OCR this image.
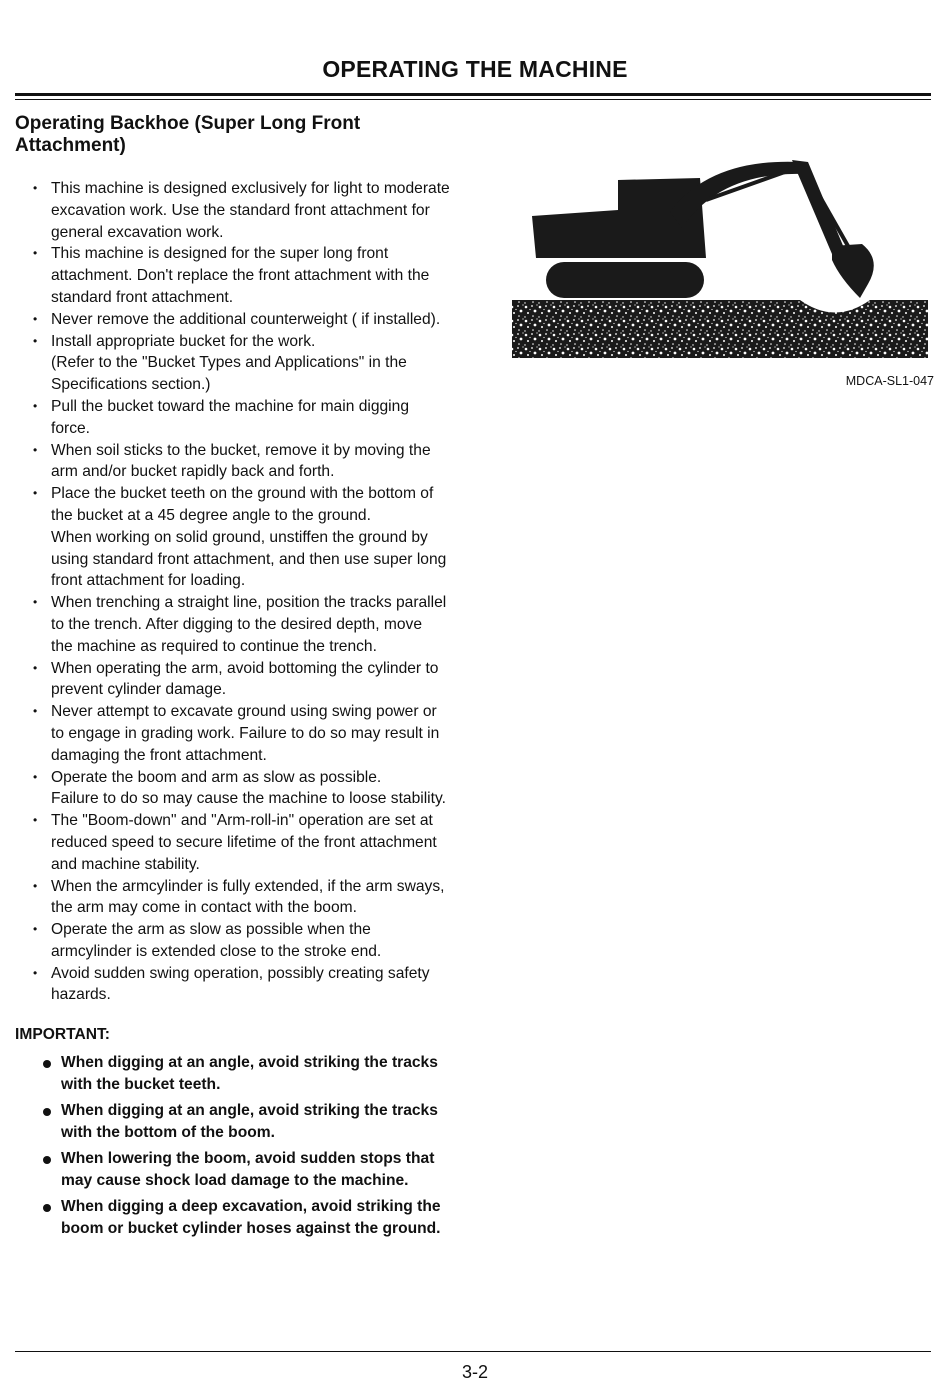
OPERATING THE MACHINE
Operating Backhoe (Super Long Front Attachment)
• This machine is designed exclusively for light to moderate
excavation work. Use the standard front attachment for
general excavation work.
• This machine is designed for the super long front
attachment. Don't replace the front attachment with the
standard front attachment.
• Never remove the additional counterweight ( if installed).
• Install appropriate bucket for the work.
(Refer to the "Bucket Types and Applications" in the
Specifications section.)
• Pull the bucket toward the machine for main digging
force.
• When soil sticks to the bucket, remove it by moving the
arm and/or bucket rapidly back and forth.
• Place the bucket teeth on the ground with the bottom of
the bucket at a 45 degree angle to the ground.
When working on solid ground, unstiffen the ground by
using standard front attachment, and then use super long
front attachment for loading.
• When trenching a straight line, position the tracks parallel
to the trench. After digging to the desired depth, move
the machine as required to continue the trench.
• When operating the arm, avoid bottoming the cylinder to
prevent cylinder damage.
• Never attempt to excavate ground using swing power or
to engage in grading work. Failure to do so may result in
damaging the front attachment.
• Operate the boom and arm as slow as possible.
Failure to do so may cause the machine to loose stability.
• The "Boom-down" and "Arm-roll-in" operation are set at
reduced speed to secure lifetime of the front attachment
and machine stability.
• When the armcylinder is fully extended, if the arm sways,
the arm may come in contact with the boom.
• Operate the arm as slow as possible when the
armcylinder is extended close to the stroke end.
• Avoid sudden swing operation, possibly creating safety
hazards.
IMPORTANT:
When digging at an angle, avoid striking the tracks
with the bucket teeth.
When digging at an angle, avoid striking the tracks
with the bottom of the boom.
When lowering the boom, avoid sudden stops that
may cause shock load damage to the machine.
When digging a deep excavation, avoid striking the
boom or bucket cylinder hoses against the ground.
MDCA-SL1-047
3-2
